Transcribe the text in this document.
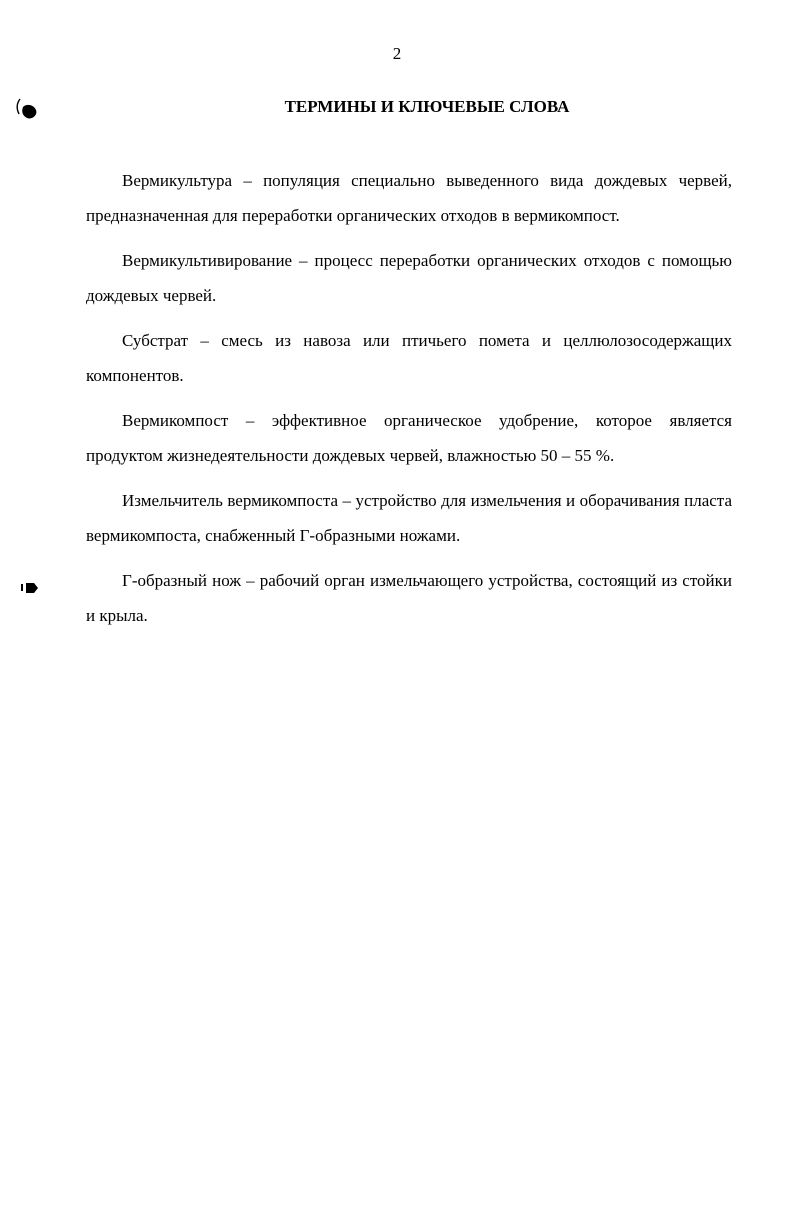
2
ТЕРМИНЫ И КЛЮЧЕВЫЕ СЛОВА

Вермикультура – популяция специально выведенного вида дождевых червей, предназначенная для переработки органических отходов в вермикомпост.

Вермикультивирование – процесс переработки органических отходов с помощью дождевых червей.

Субстрат – смесь из навоза или птичьего помета и целлюлозосодержащих компонентов.

Вермикомпост – эффективное органическое удобрение, которое является продуктом жизнедеятельности дождевых червей, влажностью 50 – 55 %.

Измельчитель вермикомпоста – устройство для измельчения и оборачивания пласта вермикомпоста, снабженный Г-образными ножами.

Г-образный нож – рабочий орган измельчающего устройства, состоящий из стойки и крыла.
